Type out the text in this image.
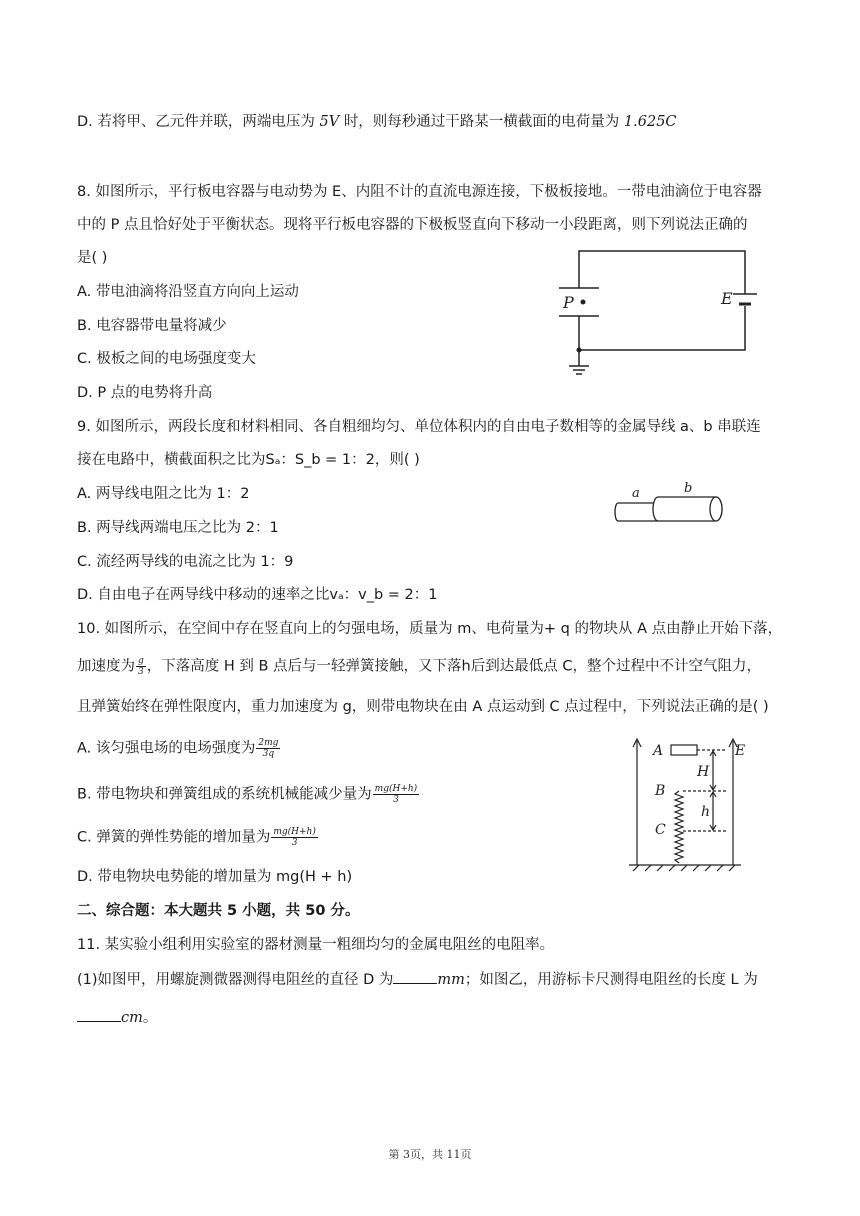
D. 若将甲、乙元件并联，两端电压为 5V 时，则每秒通过干路某一横截面的电荷量为 1.625C
8. 如图所示，平行板电容器与电动势为 E、内阻不计的直流电源连接，下极板接地。一带电油滴位于电容器
中的 P 点且恰好处于平衡状态。现将平行板电容器的下极板竖直向下移动一小段距离，则下列说法正确的
是( )
A. 带电油滴将沿竖直方向向上运动
B. 电容器带电量将减少
C. 极板之间的电场强度变大
D. P 点的电势将升高
P	E
9. 如图所示，两段长度和材料相同、各自粗细均匀、单位体积内的自由电子数相等的金属导线 a、b 串联连
接在电路中，横截面积之比为Sₐ：S_b = 1：2，则( )
A. 两导线电阻之比为 1：2
B. 两导线两端电压之比为 2：1
C. 流经两导线的电流之比为 1：9
D. 自由电子在两导线中移动的速率之比vₐ：v_b = 2：1
a	b
10. 如图所示，在空间中存在竖直向上的匀强电场，质量为 m、电荷量为+ q 的物块从 A 点由静止开始下落，
加速度为 $\frac{g}{3}$ ，下落高度 H 到 B 点后与一轻弹簧接触，又下落h后到达最低点 C，整个过程中不计空气阻力，
且弹簧始终在弹性限度内，重力加速度为 g，则带电物块在由 A 点运动到 C 点过程中，下列说法正确的是( )
A. 该匀强电场的电场强度为 $\frac{2mg}{3q}$
B. 带电物块和弹簧组成的系统机械能减少量为 $\frac{mg(H+h)}{3}$
C. 弹簧的弹性势能的增加量为 $\frac{mg(H+h)}{3}$
D. 带电物块电势能的增加量为 mg(H + h)
A
B
C
E
H
h
二、综合题：本大题共 5 小题，共 50 分。
11. 某实验小组利用实验室的器材测量一粗细均匀的金属电阻丝的电阻率。
(1)如图甲，用螺旋测微器测得电阻丝的直径 D 为	mm；如图乙，用游标卡尺测得电阻丝的长度 L 为
cm。
第 3页，共 11页
